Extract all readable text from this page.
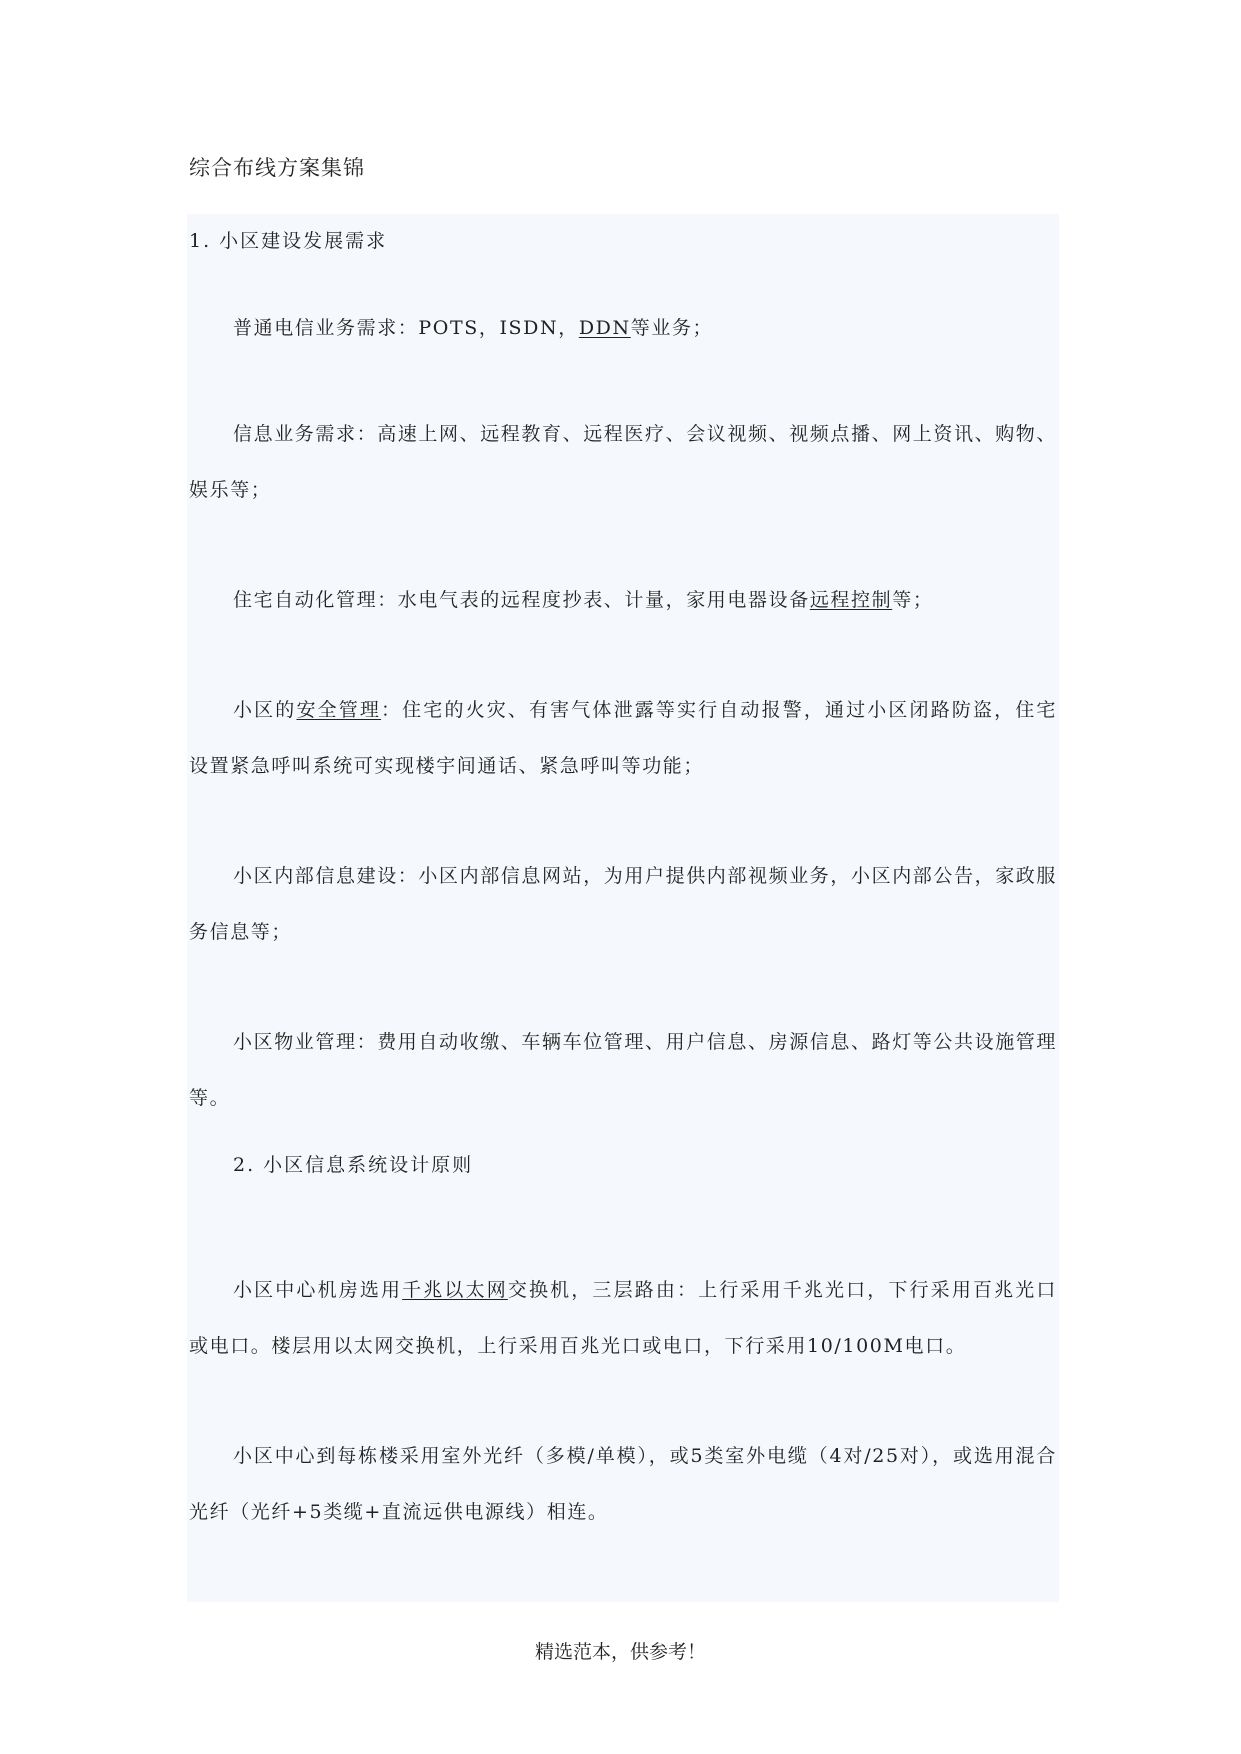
综合布线方案集锦
1. 小区建设发展需求

普通电信业务需求：POTS，ISDN，DDN等业务；

信息业务需求：高速上网、远程教育、远程医疗、会议视频、视频点播、网上资讯、购物、娱乐等；

住宅自动化管理：水电气表的远程度抄表、计量，家用电器设备远程控制等；

小区的安全管理：住宅的火灾、有害气体泄露等实行自动报警，通过小区闭路防盗，住宅设置紧急呼叫系统可实现楼宇间通话、紧急呼叫等功能；

小区内部信息建设：小区内部信息网站，为用户提供内部视频业务，小区内部公告，家政服务信息等；

小区物业管理：费用自动收缴、车辆车位管理、用户信息、房源信息、路灯等公共设施管理等。

2. 小区信息系统设计原则

小区中心机房选用千兆以太网交换机，三层路由：上行采用千兆光口，下行采用百兆光口或电口。楼层用以太网交换机，上行采用百兆光口或电口，下行采用10/100M电口。

小区中心到每栋楼采用室外光纤（多模/单模），或5类室外电缆（4对/25对），或选用混合光纤（光纤+5类缆+直流远供电源线）相连。

精选范本，供参考！
